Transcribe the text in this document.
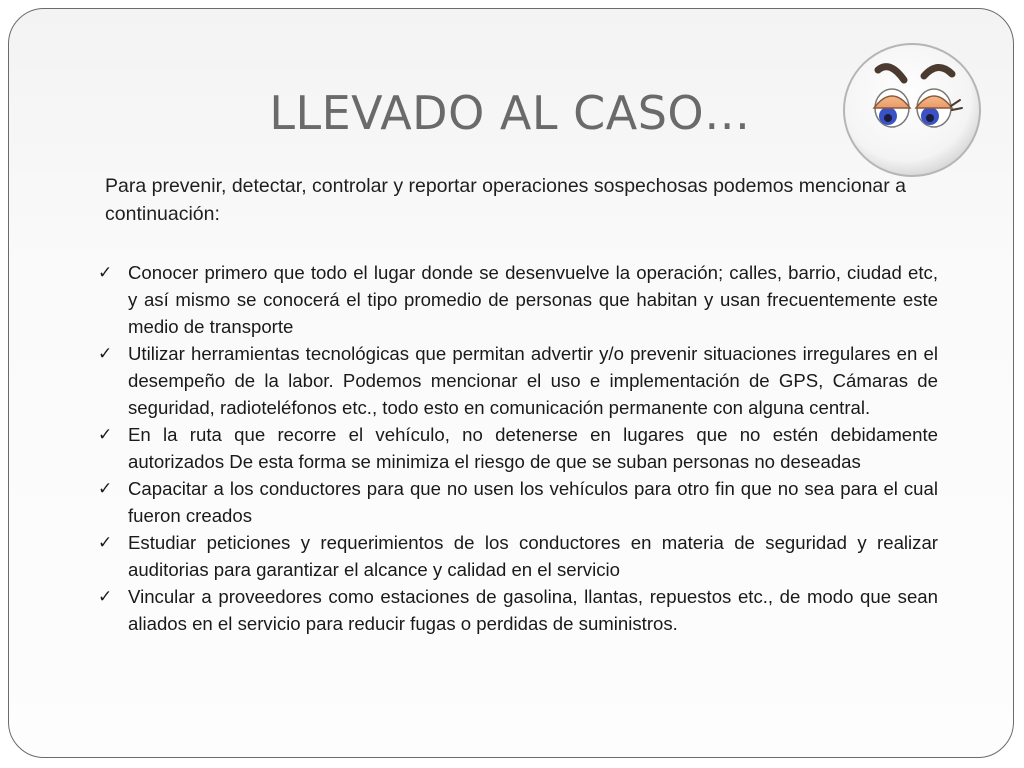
LLEVADO AL CASO…
Para prevenir, detectar, controlar y reportar operaciones sospechosas podemos mencionar a continuación:
✓ Conocer primero que todo el lugar donde se desenvuelve la operación; calles, barrio, ciudad etc, y así mismo se conocerá el tipo promedio de personas que habitan y usan frecuentemente este medio de transporte
✓ Utilizar herramientas tecnológicas que permitan advertir y/o prevenir situaciones irregulares en el desempeño de la labor. Podemos mencionar el uso e implementación de GPS, Cámaras de seguridad, radioteléfonos etc., todo esto en comunicación permanente con alguna central.
✓ En la ruta que recorre el vehículo, no detenerse en lugares que no estén debidamente autorizados De esta forma se minimiza el riesgo de que se suban personas no deseadas
✓ Capacitar a los conductores para que no usen los vehículos para otro fin que no sea para el cual fueron creados
✓ Estudiar peticiones y requerimientos de los conductores en materia de seguridad y realizar auditorias para garantizar el alcance y calidad en el servicio
✓ Vincular a proveedores como estaciones de gasolina, llantas, repuestos etc., de modo que sean aliados en el servicio para reducir fugas o perdidas de suministros.
